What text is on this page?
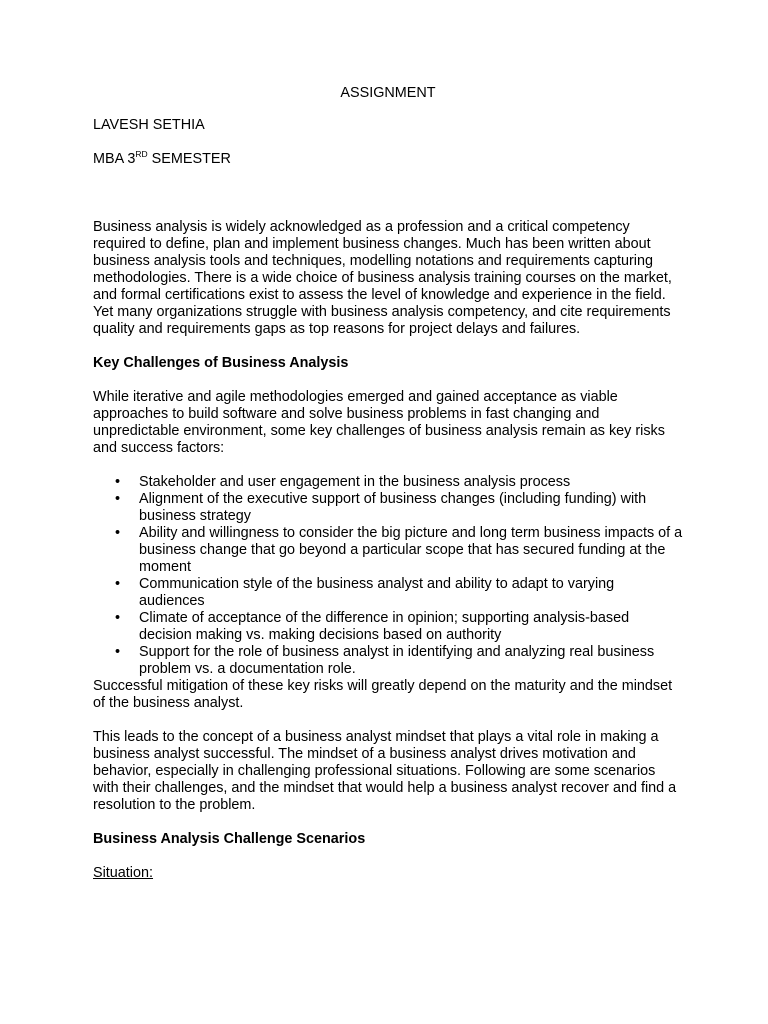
ASSIGNMENT
LAVESH SETHIA
MBA 3RD SEMESTER

Business analysis is widely acknowledged as a profession and a critical competency required to define, plan and implement business changes. Much has been written about business analysis tools and techniques, modelling notations and requirements capturing methodologies. There is a wide choice of business analysis training courses on the market, and formal certifications exist to assess the level of knowledge and experience in the field. Yet many organizations struggle with business analysis competency, and cite requirements quality and requirements gaps as top reasons for project delays and failures.

Key Challenges of Business Analysis

While iterative and agile methodologies emerged and gained acceptance as viable approaches to build software and solve business problems in fast changing and unpredictable environment, some key challenges of business analysis remain as key risks and success factors:

• Stakeholder and user engagement in the business analysis process
• Alignment of the executive support of business changes (including funding) with business strategy
• Ability and willingness to consider the big picture and long term business impacts of a business change that go beyond a particular scope that has secured funding at the moment
• Communication style of the business analyst and ability to adapt to varying audiences
• Climate of acceptance of the difference in opinion; supporting analysis-based decision making vs. making decisions based on authority
• Support for the role of business analyst in identifying and analyzing real business problem vs. a documentation role.
Successful mitigation of these key risks will greatly depend on the maturity and the mindset of the business analyst.

This leads to the concept of a business analyst mindset that plays a vital role in making a business analyst successful. The mindset of a business analyst drives motivation and behavior, especially in challenging professional situations. Following are some scenarios with their challenges, and the mindset that would help a business analyst recover and find a resolution to the problem.

Business Analysis Challenge Scenarios
Situation:
